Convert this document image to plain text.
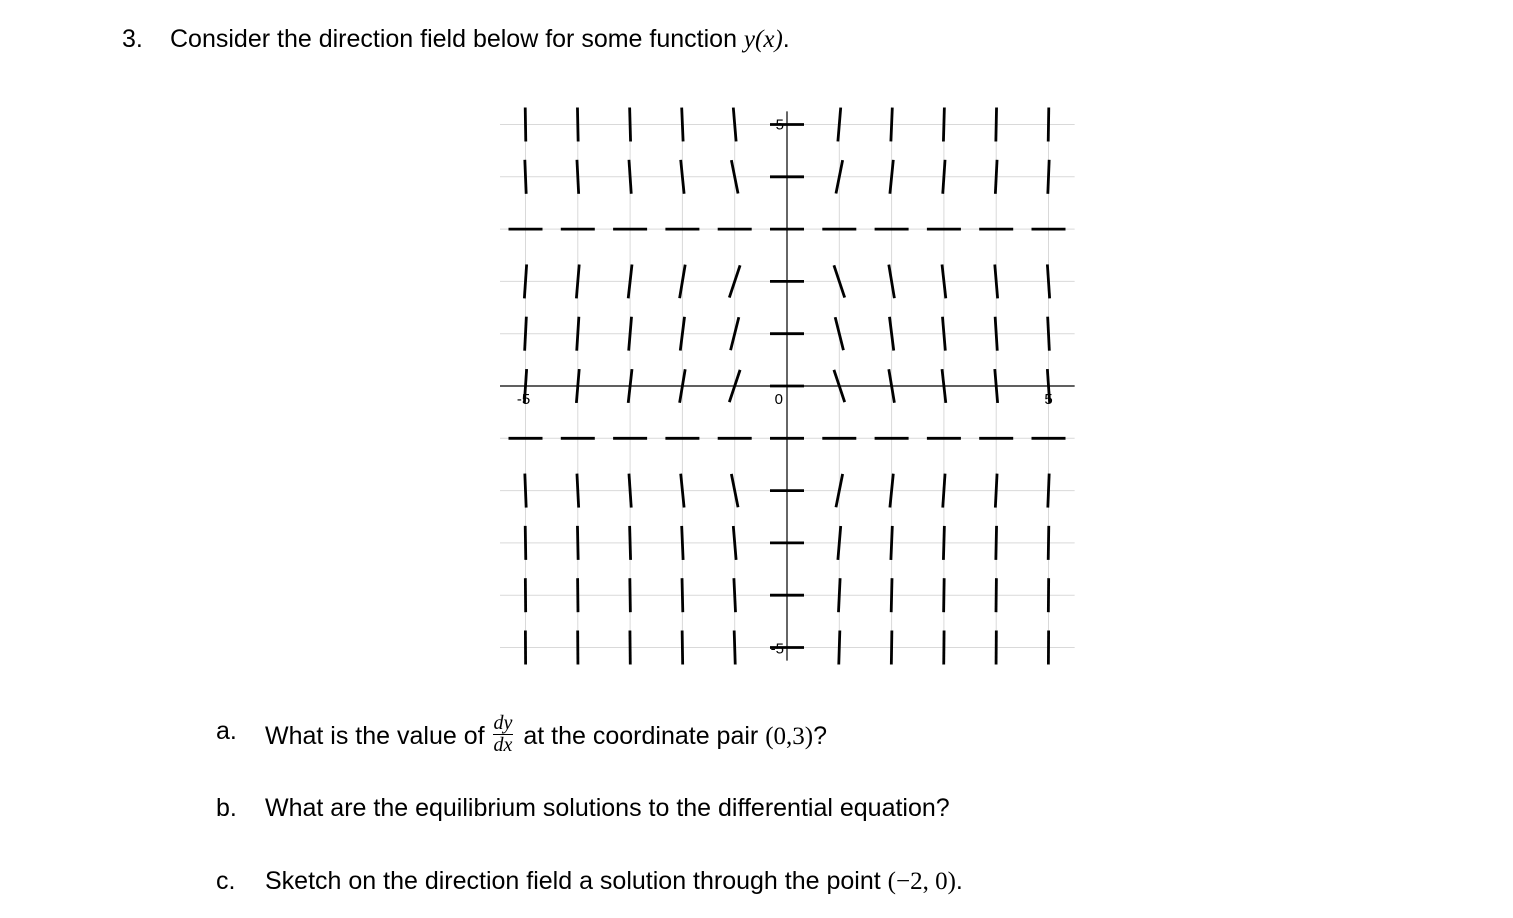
3. Consider the direction field below for some function y(x).
5
-5
-5	5
0
a. What is the value of $\frac{dy}{dx}$ at the coordinate pair (0,3)?
b. What are the equilibrium solutions to the differential equation?
c. Sketch on the direction field a solution through the point (−2, 0).
